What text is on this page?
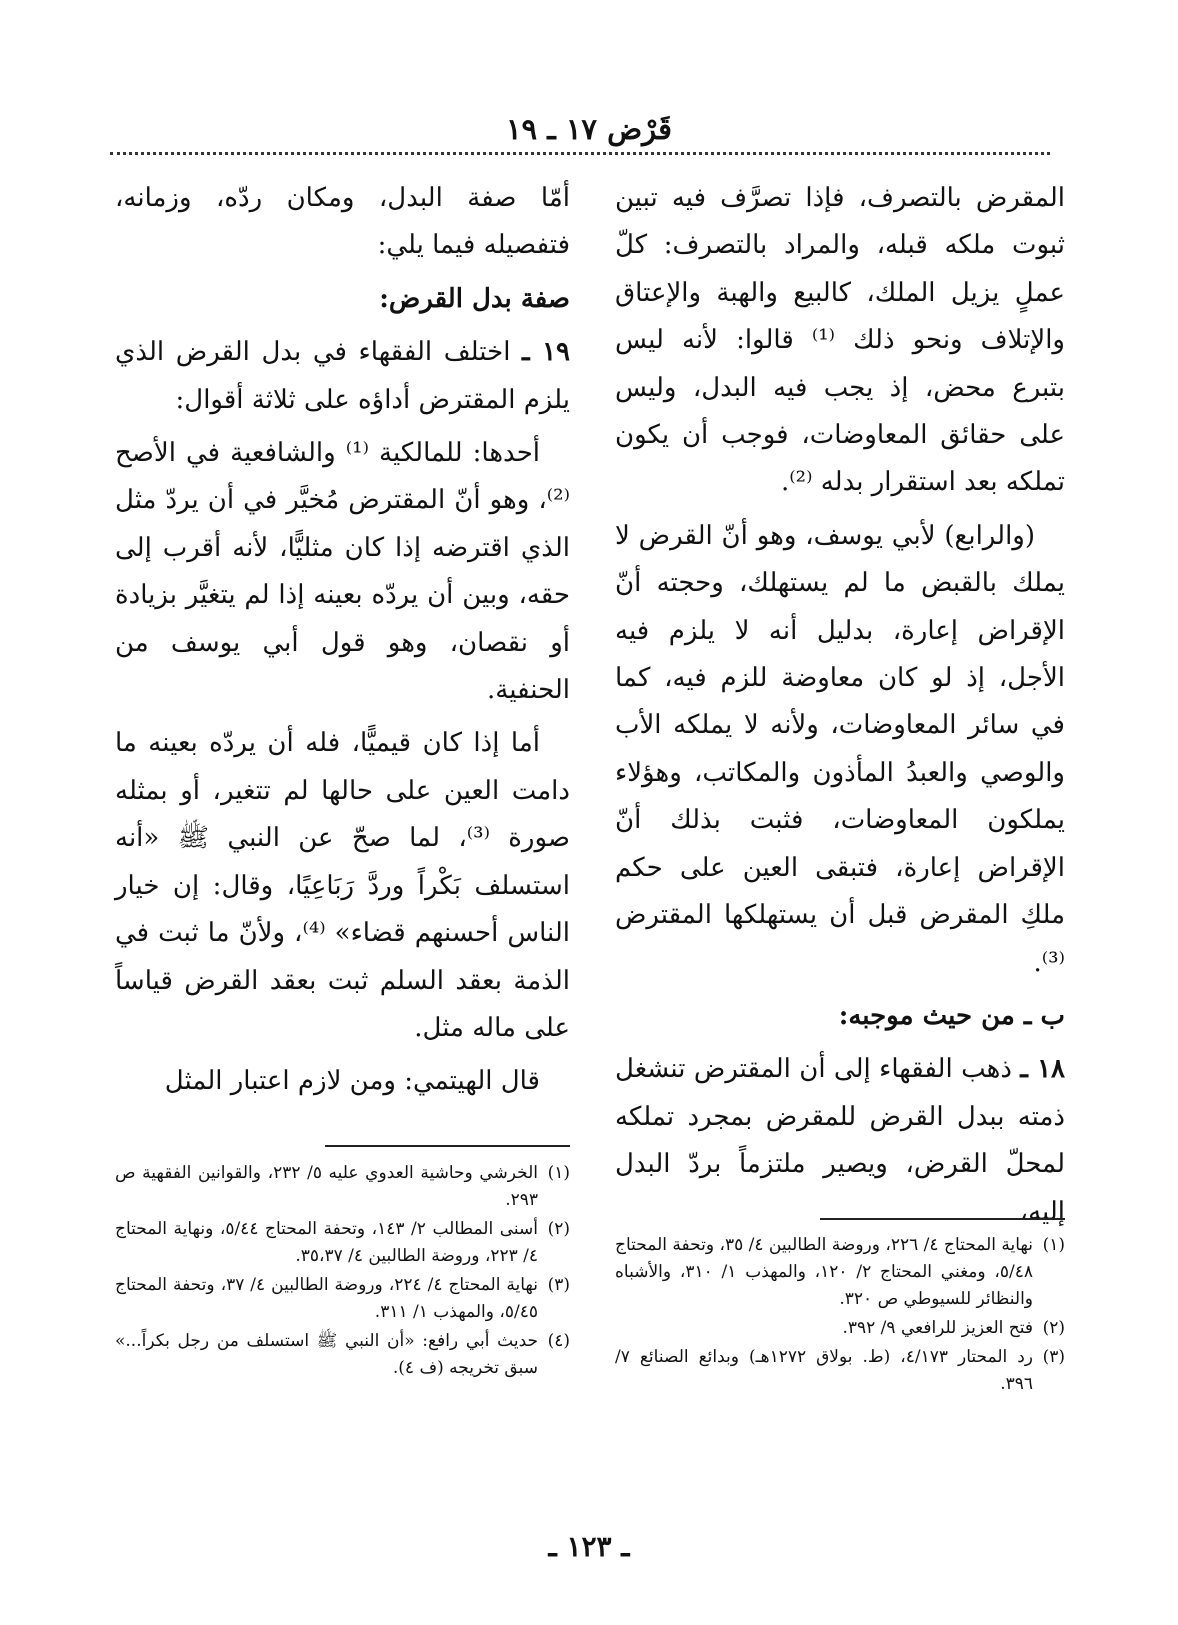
قَرْض ١٧ ـ ١٩

المقرض بالتصرف، فإذا تصرَّف فيه تبين ثبوت ملكه قبله، والمراد بالتصرف: كلّ عملٍ يزيل الملك، كالبيع والهبة والإعتاق والإتلاف ونحو ذلك ⁽¹⁾ قالوا: لأنه ليس بتبرع محض، إذ يجب فيه البدل، وليس على حقائق المعاوضات، فوجب أن يكون تملكه بعد استقرار بدله ⁽²⁾.

(والرابع) لأبي يوسف، وهو أنّ القرض لا يملك بالقبض ما لم يستهلك، وحجته أنّ الإقراض إعارة، بدليل أنه لا يلزم فيه الأجل، إذ لو كان معاوضة للزم فيه، كما في سائر المعاوضات، ولأنه لا يملكه الأب والوصي والعبدُ المأذون والمكاتب، وهؤلاء يملكون المعاوضات، فثبت بذلك أنّ الإقراض إعارة، فتبقى العين على حكم ملكِ المقرض قبل أن يستهلكها المقترض ⁽³⁾.

ب ـ من حيث موجبه:

١٨ ـ ذهب الفقهاء إلى أن المقترض تنشغل ذمته ببدل القرض للمقرض بمجرد تملكه لمحلّ القرض، ويصير ملتزماً بردّ البدل إليه،

أمّا صفة البدل، ومكان ردّه، وزمانه، فتفصيله فيما يلي:

صفة بدل القرض:

١٩ ـ اختلف الفقهاء في بدل القرض الذي يلزم المقترض أداؤه على ثلاثة أقوال:

أحدها: للمالكية ⁽¹⁾ والشافعية في الأصح ⁽²⁾، وهو أنّ المقترض مُخيَّر في أن يردّ مثل الذي اقترضه إذا كان مثليًّا، لأنه أقرب إلى حقه، وبين أن يردّه بعينه إذا لم يتغيَّر بزيادة أو نقصان، وهو قول أبي يوسف من الحنفية.

أما إذا كان قيميًّا، فله أن يردّه بعينه ما دامت العين على حالها لم تتغير، أو بمثله صورة ⁽³⁾، لما صحّ عن النبي ﷺ «أنه استسلف بَكْراً وردَّ رَبَاعِيًا، وقال: إن خيار الناس أحسنهم قضاء» ⁽⁴⁾، ولأنّ ما ثبت في الذمة بعقد السلم ثبت بعقد القرض قياساً على ماله مثل.

قال الهيتمي: ومن لازم اعتبار المثل

(١)
نهاية المحتاج ٤/ ٢٢٦، وروضة الطالبين ٤/ ٣٥، وتحفة المحتاج ٥/٤٨، ومغني المحتاج ٢/ ١٢٠، والمهذب ١/ ٣١٠، والأشباه والنظائر للسيوطي ص ٣٢٠.
(٢)
فتح العزيز للرافعي ٩/ ٣٩٢.
(٣)
رد المحتار ٤/١٧٣، (ط. بولاق ١٢٧٢هـ) وبدائع الصنائع ٧/ ٣٩٦.
(١)
الخرشي وحاشية العدوي عليه ٥/ ٢٣٢، والقوانين الفقهية ص ٢٩٣.
(٢)
أسنى المطالب ٢/ ١٤٣، وتحفة المحتاج ٥/٤٤، ونهاية المحتاج ٤/ ٢٢٣، وروضة الطالبين ٤/ ٣٥،٣٧.
(٣)
نهاية المحتاج ٤/ ٢٢٤، وروضة الطالبين ٤/ ٣٧، وتحفة المحتاج ٥/٤٥، والمهذب ١/ ٣١١.
(٤)
حديث أبي رافع: «أن النبي ﷺ استسلف من رجل بكراً...» سبق تخريجه (ف ٤).
ـ ١٢٣ ـ
